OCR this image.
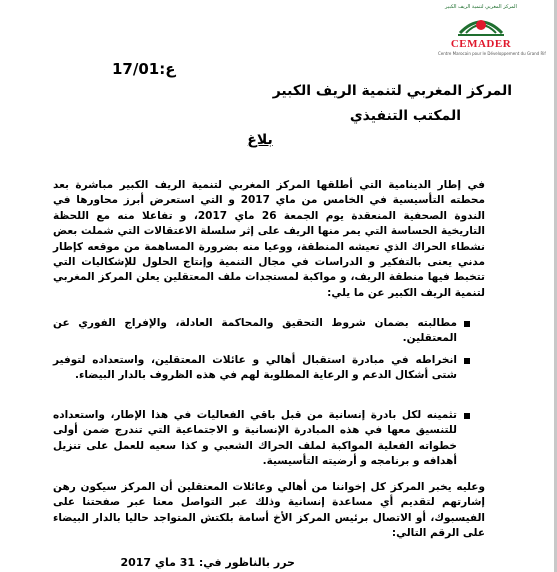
المركز المغربي لتنمية الريف الكبير
CEMADER
Centre Marocain pour le Développement du Grand Rif
ع:17/01
المركز المغربي لتنمية الريف الكبير
المكتب التنفيذي
بلاغ
في إطار الدينامية التي أطلقها المركز المغربي لتنمية الريف الكبير مباشرة بعد محطته التأسيسية في الخامس من ماي 2017 و التي استعرض أبرز محاورها في الندوة الصحفية المنعقدة يوم الجمعة 26 ماي 2017، و تفاعلا منه مع اللحظة التاريخية الحساسة التي يمر منها الريف على إثر سلسلة الاعتقالات التي شملت بعض نشطاء الحراك الذي تعيشه المنطقة، ووعيا منه بضرورة المساهمة من موقعه كإطار مدني يعنى بالتفكير و الدراسات في مجال التنمية وإنتاج الحلول للإشكاليات التي تتخبط فيها منطقة الريف، و مواكبة لمستجدات ملف المعتقلين يعلن المركز المغربي لتنمية الريف الكبير عن ما يلي:
مطالبته بضمان شروط التحقيق والمحاكمة العادلة، والإفراج الفوري عن المعتقلين.
انخراطه في مبادرة استقبال أهالي و عائلات المعتقلين، واستعداده لتوفير شتى أشكال الدعم و الرعاية المطلوبة لهم في هذه الظروف بالدار البيضاء.
تثمينه لكل بادرة إنسانية من قبل باقي الفعاليات في هذا الإطار، واستعداده للتنسيق معها في هذه المبادرة الإنسانية و الاجتماعية التي تندرج ضمن أولى خطواته الفعلية المواكبة لملف الحراك الشعبي و كذا سعيه للعمل على تنزيل أهدافه و برنامجه و أرضيته التأسيسية.
وعليه يخبر المركز كل إخواننا من أهالي وعائلات المعتقلين أن المركز سيكون رهن إشارتهم لتقديم أي مساعدة إنسانية وذلك عبر التواصل معنا عبر صفحتنا على الفيسبوك، أو الاتصال برئيس المركز الأخ أسامة بلكتش المتواجد حاليا بالدار البيضاء على الرقم التالي:
حرر بالناظور في: 31 ماي 2017
